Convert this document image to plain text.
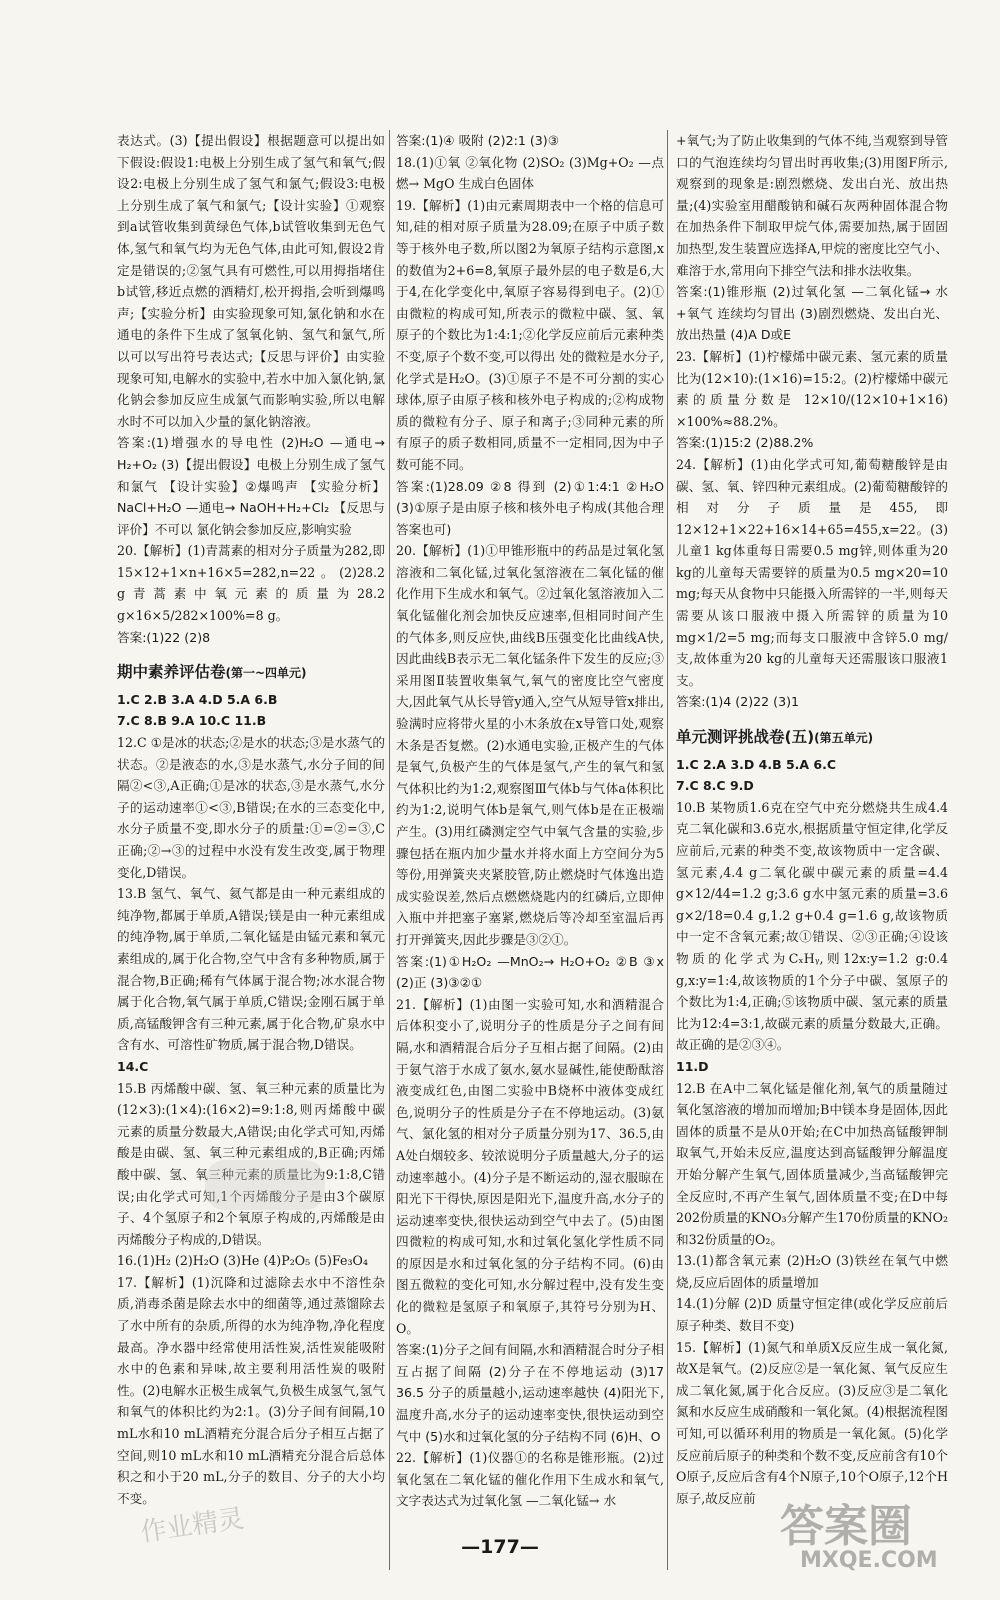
表达式。(3)【提出假设】根据题意可以提出如下假设:假设1:电极上分别生成了氢气和氧气;假设2:电极上分别生成了氢气和氯气;假设3:电极上分别生成了氧气和氯气;【设计实验】①观察到a试管收集到黄绿色气体,b试管收集到无色气体,氢气和氧气均为无色气体,由此可知,假设2肯定是错误的;②氢气具有可燃性,可以用拇指堵住b试管,移近点燃的酒精灯,松开拇指,会听到爆鸣声;【实验分析】由实验现象可知,氯化钠和水在通电的条件下生成了氢氧化钠、氢气和氯气,所以可以写出符号表达式;【反思与评价】由实验现象可知,电解水的实验中,若水中加入氯化钠,氯化钠会参加反应生成氯气而影响实验,所以电解水时不可以加入少量的氯化钠溶液。

答案:(1)增强水的导电性 (2)H₂O —通电→ H₂+O₂ (3)【提出假设】电极上分别生成了氢气和氯气 【设计实验】②爆鸣声 【实验分析】NaCl+H₂O —通电→ NaOH+H₂+Cl₂ 【反思与评价】不可以 氯化钠会参加反应,影响实验

20.【解析】(1)青蒿素的相对分子质量为282,即15×12+1×n+16×5=282,n=22。(2)28.2 g青蒿素中氧元素的质量为28.2 g×16×5/282×100%=8 g。

答案:(1)22 (2)8

期中素养评估卷(第一~四单元)

1.C 2.B 3.A 4.D 5.A 6.B

7.C 8.B 9.A 10.C 11.B

12.C ①是冰的状态;②是水的状态;③是水蒸气的状态。②是液态的水,③是水蒸气,水分子间的间隔②<③,A正确;①是冰的状态,③是水蒸气,水分子的运动速率①<③,B错误;在水的三态变化中,水分子质量不变,即水分子的质量:①=②=③,C正确;②→③的过程中水没有发生改变,属于物理变化,D错误。

13.B 氢气、氧气、氦气都是由一种元素组成的纯净物,都属于单质,A错误;镁是由一种元素组成的纯净物,属于单质,二氧化锰是由锰元素和氧元素组成的,属于化合物,空气中含有多种物质,属于混合物,B正确;稀有气体属于混合物;冰水混合物属于化合物,氧气属于单质,C错误;金刚石属于单质,高锰酸钾含有三种元素,属于化合物,矿泉水中含有水、可溶性矿物质,属于混合物,D错误。

14.C

15.B 丙烯酸中碳、氢、氧三种元素的质量比为(12×3):(1×4):(16×2)=9:1:8,则丙烯酸中碳元素的质量分数最大,A错误;由化学式可知,丙烯酸是由碳、氢、氧三种元素组成的,B正确;丙烯酸中碳、氢、氧三种元素的质量比为9:1:8,C错误;由化学式可知,1个丙烯酸分子是由3个碳原子、4个氢原子和2个氧原子构成的,丙烯酸是由丙烯酸分子构成的,D错误。

16.(1)H₂ (2)H₂O (3)He (4)P₂O₅ (5)Fe₃O₄

17.【解析】(1)沉降和过滤除去水中不溶性杂质,消毒杀菌是除去水中的细菌等,通过蒸馏除去了水中所有的杂质,所得的水为纯净物,净化程度最高。净水器中经常使用活性炭,活性炭能吸附水中的色素和异味,故主要利用活性炭的吸附性。(2)电解水正极生成氧气,负极生成氢气,氢气和氧气的体积比约为2:1。(3)分子间有间隔,10 mL水和10 mL酒精充分混合后分子相互占据了空间,则10 mL水和10 mL酒精充分混合后总体积之和小于20 mL,分子的数目、分子的大小均不变。

答案:(1)④ 吸附 (2)2:1 (3)③

18.(1)①氧 ②氧化物 (2)SO₂ (3)Mg+O₂ —点燃→ MgO 生成白色固体

19.【解析】(1)由元素周期表中一个格的信息可知,硅的相对原子质量为28.09;在原子中质子数等于核外电子数,所以图2为氧原子结构示意图,x的数值为2+6=8,氧原子最外层的电子数是6,大于4,在化学变化中,氧原子容易得到电子。(2)①由微粒的构成可知,所表示的微粒中碳、氢、氧原子的个数比为1:4:1;②化学反应前后元素种类不变,原子个数不变,可以得出 处的微粒是水分子,化学式是H₂O。(3)①原子不是不可分割的实心球体,原子由原子核和核外电子构成的;②构成物质的微粒有分子、原子和离子;③同种元素的所有原子的质子数相同,质量不一定相同,因为中子数可能不同。

答案:(1)28.09 ②8 得到 (2)①1:4:1 ②H₂O (3)①原子是由原子核和核外电子构成(其他合理答案也可)

20.【解析】(1)①甲锥形瓶中的药品是过氧化氢溶液和二氧化锰,过氧化氢溶液在二氧化锰的催化作用下生成水和氧气。②过氧化氢溶液加入二氧化锰催化剂会加快反应速率,但相同时间产生的气体多,则反应快,曲线B压强变化比曲线A快,因此曲线B表示无二氧化锰条件下发生的反应;③采用图Ⅱ装置收集氧气,氧气的密度比空气密度大,因此氧气从长导管y通入,空气从短导管x排出,验满时应将带火星的小木条放在x导管口处,观察木条是否复燃。(2)水通电实验,正极产生的气体是氧气,负极产生的气体是氢气,产生的氧气和氢气体积比约为1:2,观察图Ⅲ气体b与气体a体积比约为1:2,说明气体b是氧气,则气体b是在正极端产生。(3)用红磷测定空气中氧气含量的实验,步骤包括在瓶内加少量水并将水面上方空间分为5等份,用弹簧夹夹紧胶管,防止燃烧时气体逸出造成实验误差,然后点燃燃烧匙内的红磷后,立即伸入瓶中并把塞子塞紧,燃烧后等冷却至室温后再打开弹簧夹,因此步骤是③②①。

答案:(1)①H₂O₂ —MnO₂→ H₂O+O₂ ②B ③x (2)正 (3)③②①

21.【解析】(1)由图一实验可知,水和酒精混合后体积变小了,说明分子的性质是分子之间有间隔,水和酒精混合后分子互相占据了间隔。(2)由于氨气溶于水成了氨水,氨水显碱性,能使酚酞溶液变成红色,由图二实验中B烧杯中液体变成红色,说明分子的性质是分子在不停地运动。(3)氨气、氯化氢的相对分子质量分别为17、36.5,由A处白烟较多、较浓说明分子质量越大,分子的运动速率越小。(4)分子是不断运动的,湿衣服晾在阳光下干得快,原因是阳光下,温度升高,水分子的运动速率变快,很快运动到空气中去了。(5)由图四微粒的构成可知,水和过氧化氢化学性质不同的原因是水和过氧化氢的分子结构不同。(6)由图五微粒的变化可知,水分解过程中,没有发生变化的微粒是氢原子和氧原子,其符号分别为H、O。

答案:(1)分子之间有间隔,水和酒精混合时分子相互占据了间隔 (2)分子在不停地运动 (3)17 36.5 分子的质量越小,运动速率越快 (4)阳光下,温度升高,水分子的运动速率变快,很快运动到空气中 (5)水和过氧化氢的分子结构不同 (6)H、O

22.【解析】(1)仪器①的名称是锥形瓶。(2)过氧化氢在二氧化锰的催化作用下生成水和氧气,文字表达式为过氧化氢 —二氧化锰→ 水

+氧气;为了防止收集到的气体不纯,当观察到导管口的气泡连续均匀冒出时再收集;(3)用图F所示,观察到的现象是:剧烈燃烧、发出白光、放出热量;(4)实验室用醋酸钠和碱石灰两种固体混合物在加热条件下制取甲烷气体,需要加热,属于固固加热型,发生装置应选择A,甲烷的密度比空气小、难溶于水,常用向下排空气法和排水法收集。

答案:(1)锥形瓶 (2)过氧化氢 —二氧化锰→ 水+氧气 连续均匀冒出 (3)剧烈燃烧、发出白光、放出热量 (4)A D或E

23.【解析】(1)柠檬烯中碳元素、氢元素的质量比为(12×10):(1×16)=15:2。(2)柠檬烯中碳元素的质量分数是 12×10/(12×10+1×16) ×100%≈88.2%。

答案:(1)15:2 (2)88.2%

24.【解析】(1)由化学式可知,葡萄糖酸锌是由碳、氢、氧、锌四种元素组成。(2)葡萄糖酸锌的相对分子质量是455,即12×12+1×22+16×14+65=455,x=22。(3)儿童1 kg体重每日需要0.5 mg锌,则体重为20 kg的儿童每天需要锌的质量为0.5 mg×20=10 mg;每天从食物中只能摄入所需锌的一半,则每天需要从该口服液中摄入所需锌的质量为10 mg×1/2=5 mg;而每支口服液中含锌5.0 mg/支,故体重为20 kg的儿童每天还需服该口服液1支。

答案:(1)4 (2)22 (3)1

单元测评挑战卷(五)(第五单元)

1.C 2.A 3.D 4.B 5.A 6.C

7.C 8.C 9.D

10.B 某物质1.6克在空气中充分燃烧共生成4.4克二氧化碳和3.6克水,根据质量守恒定律,化学反应前后,元素的种类不变,故该物质中一定含碳、氢元素,4.4 g二氧化碳中碳元素的质量=4.4 g×12/44=1.2 g;3.6 g水中氢元素的质量=3.6 g×2/18=0.4 g,1.2 g+0.4 g=1.6 g,故该物质中一定不含氧元素;故①错误、②③正确;④设该物质的化学式为CₓHᵧ,则12x:y=1.2 g:0.4 g,x:y=1:4,故该物质的1个分子中碳、氢原子的个数比为1:4,正确;⑤该物质中碳、氢元素的质量比为12:4=3:1,故碳元素的质量分数最大,正确。故正确的是②③④。

11.D

12.B 在A中二氧化锰是催化剂,氧气的质量随过氧化氢溶液的增加而增加;B中镁本身是固体,因此固体的质量不是从0开始;在C中加热高锰酸钾制取氧气,开始未反应,温度达到高锰酸钾分解温度开始分解产生氧气,固体质量减少,当高锰酸钾完全反应时,不再产生氧气,固体质量不变;在D中每202份质量的KNO₃分解产生170份质量的KNO₂和32份质量的O₂。

13.(1)都含氧元素 (2)H₂O (3)铁丝在氧气中燃烧,反应后固体的质量增加

14.(1)分解 (2)D 质量守恒定律(或化学反应前后原子种类、数目不变)

15.【解析】(1)氮气和单质X反应生成一氧化氮,故X是氧气。(2)反应②是一氧化氮、氧气反应生成二氧化氮,属于化合反应。(3)反应③是二氧化氮和水反应生成硝酸和一氧化氮。(4)根据流程图可知,可以循环利用的物质是一氧化氮。(5)化学反应前后原子的种类和个数不变,反应前含有10个O原子,反应后含有4个N原子,10个O原子,12个H原子,故反应前

—177—
作业精灵	答案圈
MXQE.COM
